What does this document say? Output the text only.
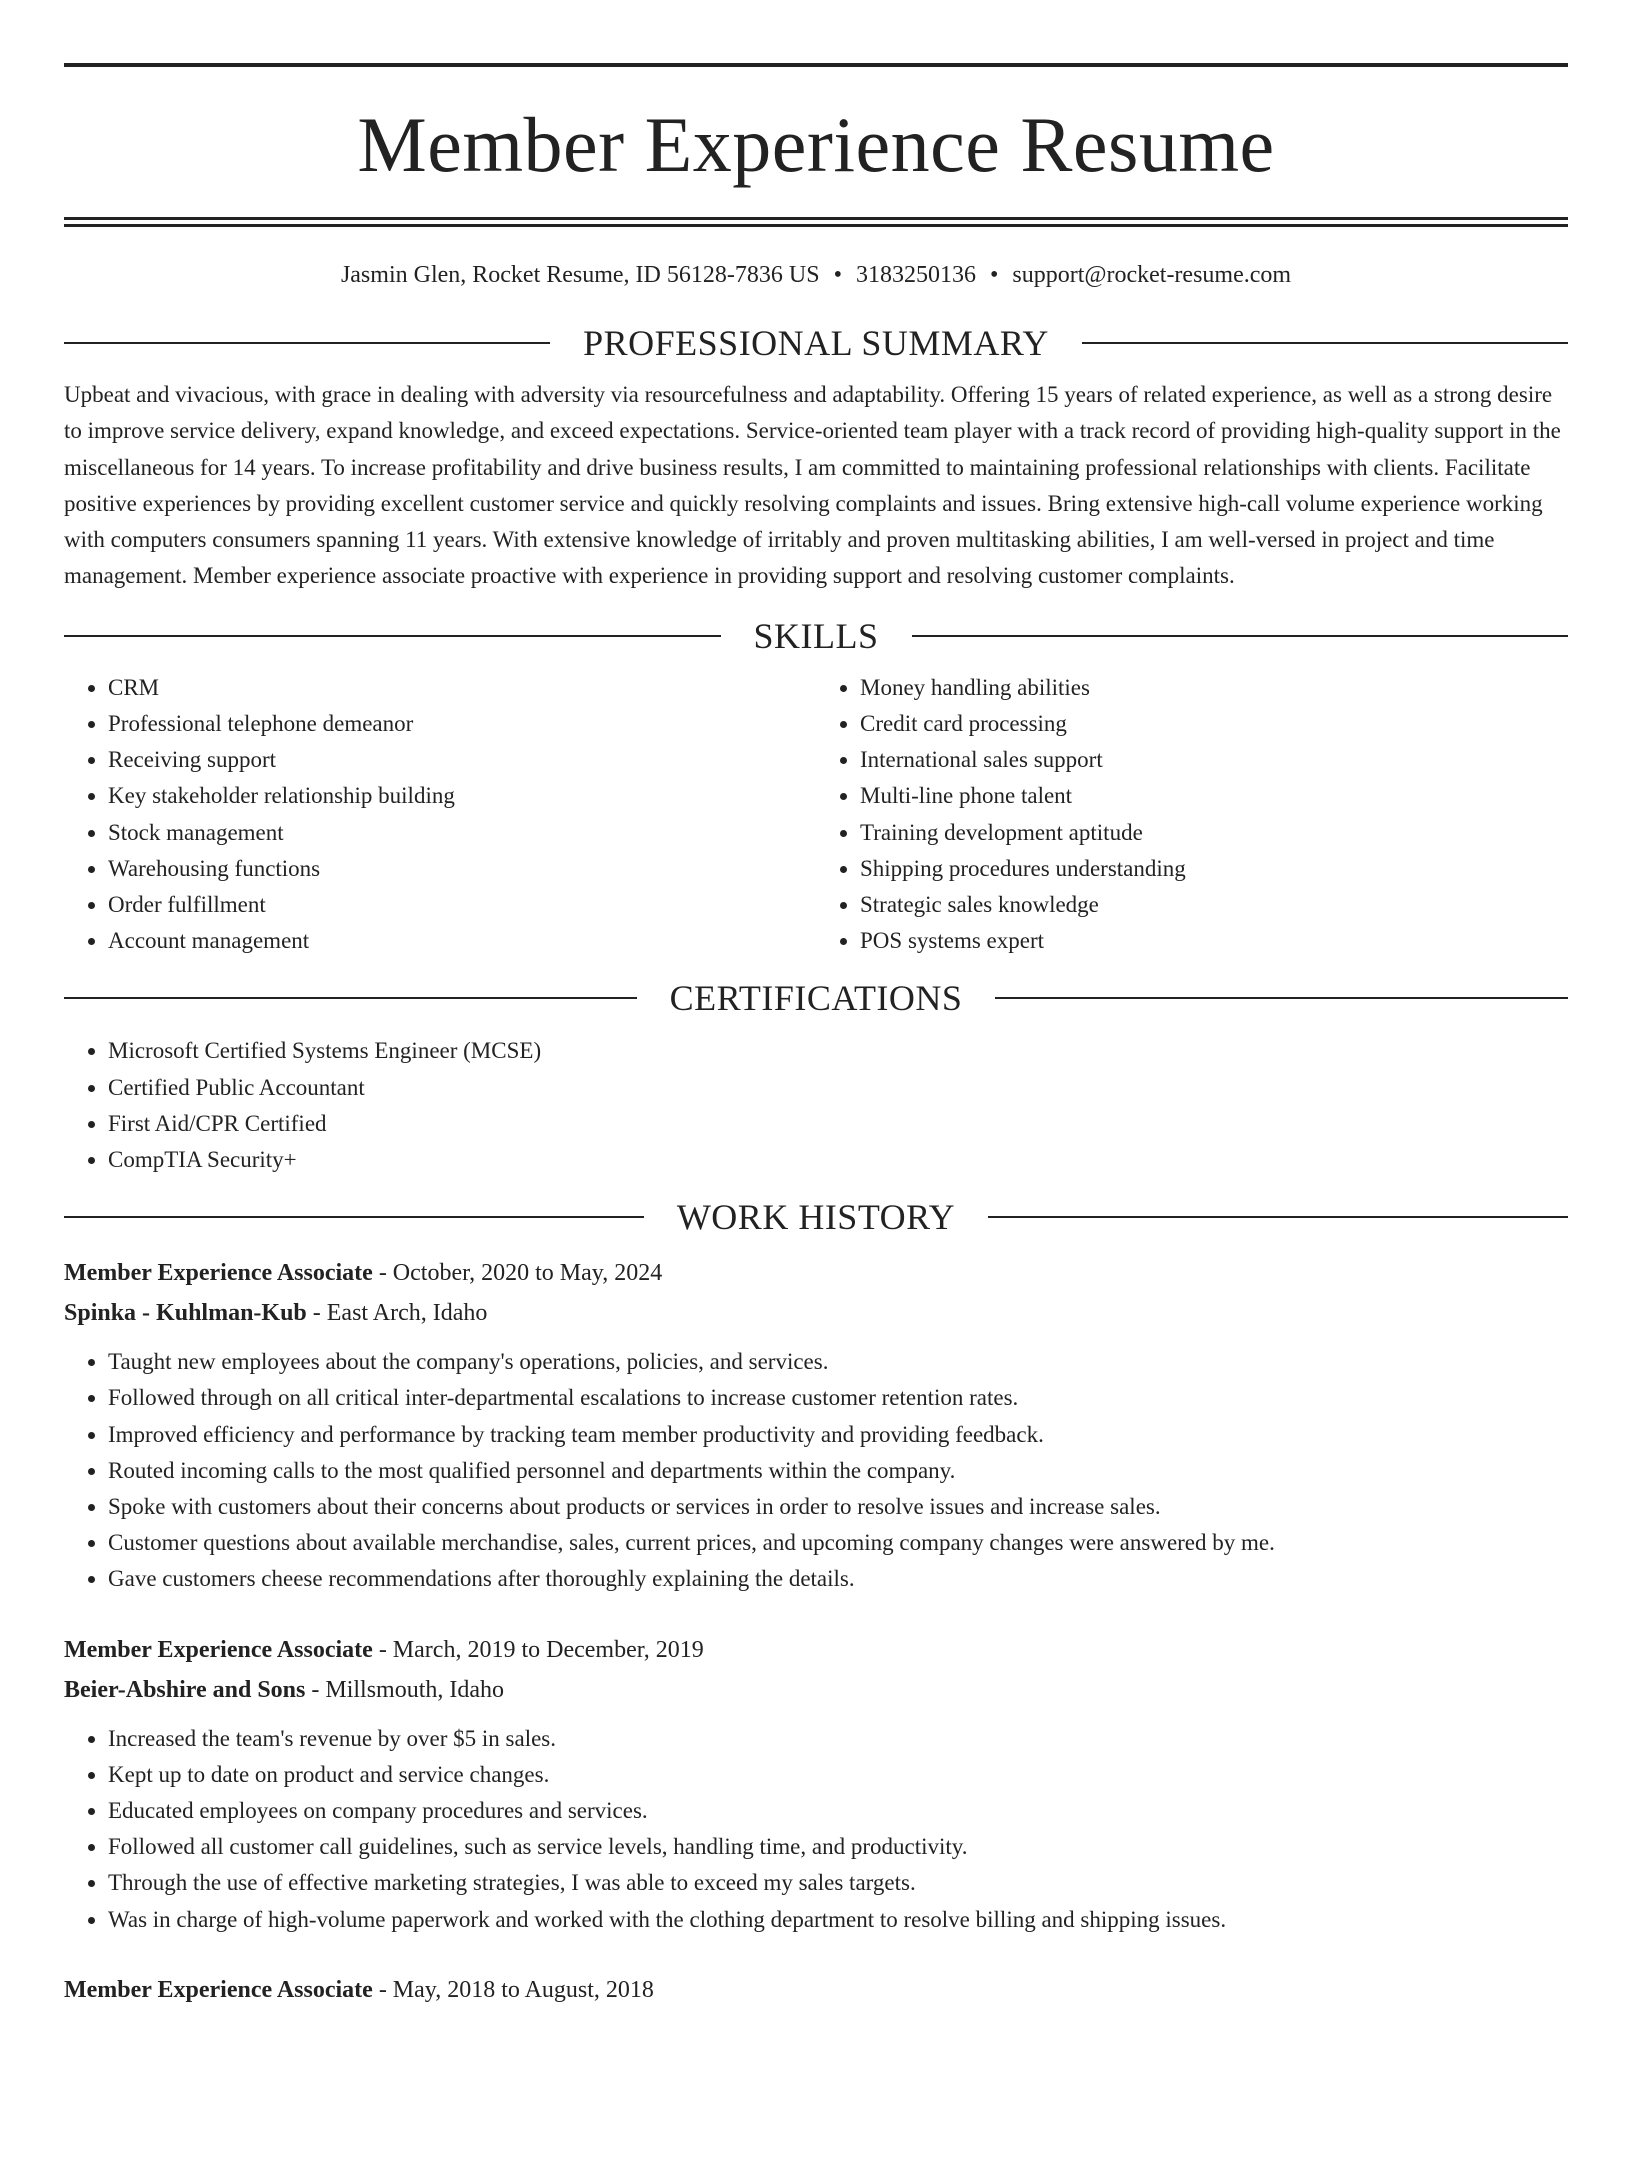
Member Experience Resume
Jasmin Glen, Rocket Resume, ID 56128-7836 US • 3183250136 • support@rocket-resume.com
PROFESSIONAL SUMMARY

Upbeat and vivacious, with grace in dealing with adversity via resourcefulness and adaptability. Offering 15 years of related experience, as well as a strong desire to improve service delivery, expand knowledge, and exceed expectations. Service-oriented team player with a track record of providing high-quality support in the miscellaneous for 14 years. To increase profitability and drive business results, I am committed to maintaining professional relationships with clients. Facilitate positive experiences by providing excellent customer service and quickly resolving complaints and issues. Bring extensive high-call volume experience working with computers consumers spanning 11 years. With extensive knowledge of irritably and proven multitasking abilities, I am well-versed in project and time management. Member experience associate proactive with experience in providing support and resolving customer complaints.

SKILLS
• CRM
• Professional telephone demeanor
• Receiving support
• Key stakeholder relationship building
• Stock management
• Warehousing functions
• Order fulfillment
• Account management
• Money handling abilities
• Credit card processing
• International sales support
• Multi-line phone talent
• Training development aptitude
• Shipping procedures understanding
• Strategic sales knowledge
• POS systems expert
CERTIFICATIONS
• Microsoft Certified Systems Engineer (MCSE)
• Certified Public Accountant
• First Aid/CPR Certified
• CompTIA Security+
WORK HISTORY
Member Experience Associate - October, 2020 to May, 2024
Spinka - Kuhlman-Kub - East Arch, Idaho
• Taught new employees about the company's operations, policies, and services.
• Followed through on all critical inter-departmental escalations to increase customer retention rates.
• Improved efficiency and performance by tracking team member productivity and providing feedback.
• Routed incoming calls to the most qualified personnel and departments within the company.
• Spoke with customers about their concerns about products or services in order to resolve issues and increase sales.
• Customer questions about available merchandise, sales, current prices, and upcoming company changes were answered by me.
• Gave customers cheese recommendations after thoroughly explaining the details.
Member Experience Associate - March, 2019 to December, 2019
Beier-Abshire and Sons - Millsmouth, Idaho
• Increased the team's revenue by over $5 in sales.
• Kept up to date on product and service changes.
• Educated employees on company procedures and services.
• Followed all customer call guidelines, such as service levels, handling time, and productivity.
• Through the use of effective marketing strategies, I was able to exceed my sales targets.
• Was in charge of high-volume paperwork and worked with the clothing department to resolve billing and shipping issues.
Member Experience Associate - May, 2018 to August, 2018
